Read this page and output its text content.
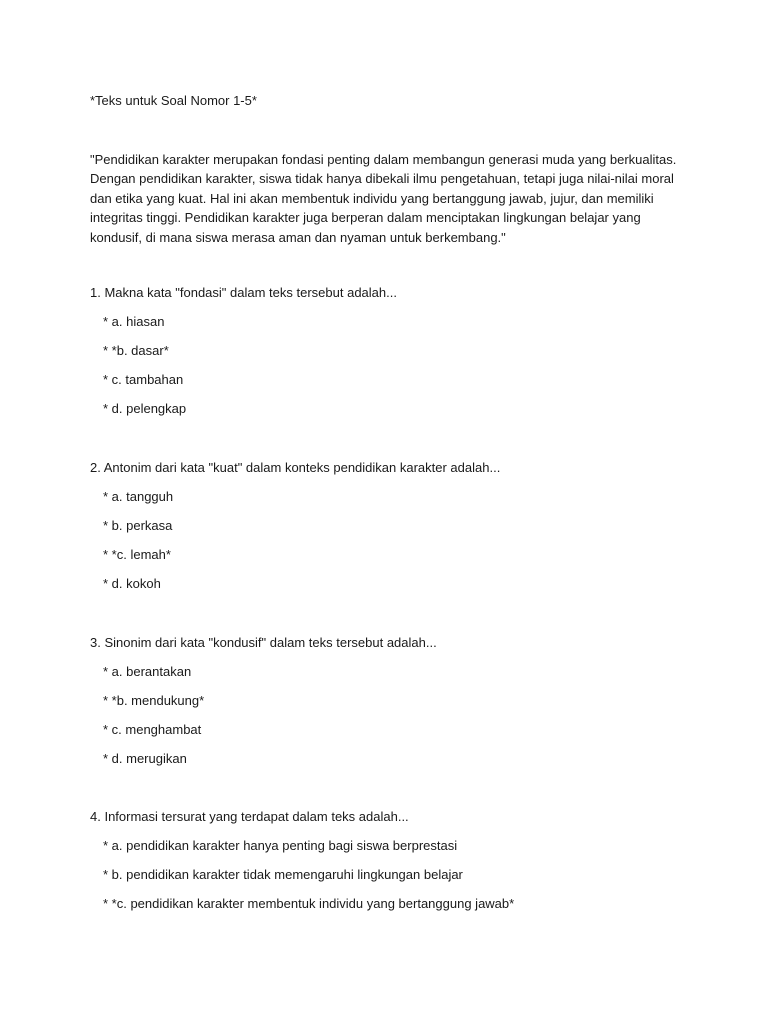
*Teks untuk Soal Nomor 1-5*
"Pendidikan karakter merupakan fondasi penting dalam membangun generasi muda yang berkualitas.
Dengan pendidikan karakter, siswa tidak hanya dibekali ilmu pengetahuan, tetapi juga nilai-nilai moral
dan etika yang kuat. Hal ini akan membentuk individu yang bertanggung jawab, jujur, dan memiliki
integritas tinggi. Pendidikan karakter juga berperan dalam menciptakan lingkungan belajar yang
kondusif, di mana siswa merasa aman dan nyaman untuk berkembang."
1. Makna kata "fondasi" dalam teks tersebut adalah...
* a. hiasan
* *b. dasar*
* c. tambahan
* d. pelengkap
2. Antonim dari kata "kuat" dalam konteks pendidikan karakter adalah...
* a. tangguh
* b. perkasa
* *c. lemah*
* d. kokoh
3. Sinonim dari kata "kondusif" dalam teks tersebut adalah...
* a. berantakan
* *b. mendukung*
* c. menghambat
* d. merugikan
4. Informasi tersurat yang terdapat dalam teks adalah...
* a. pendidikan karakter hanya penting bagi siswa berprestasi
* b. pendidikan karakter tidak memengaruhi lingkungan belajar
* *c. pendidikan karakter membentuk individu yang bertanggung jawab*
